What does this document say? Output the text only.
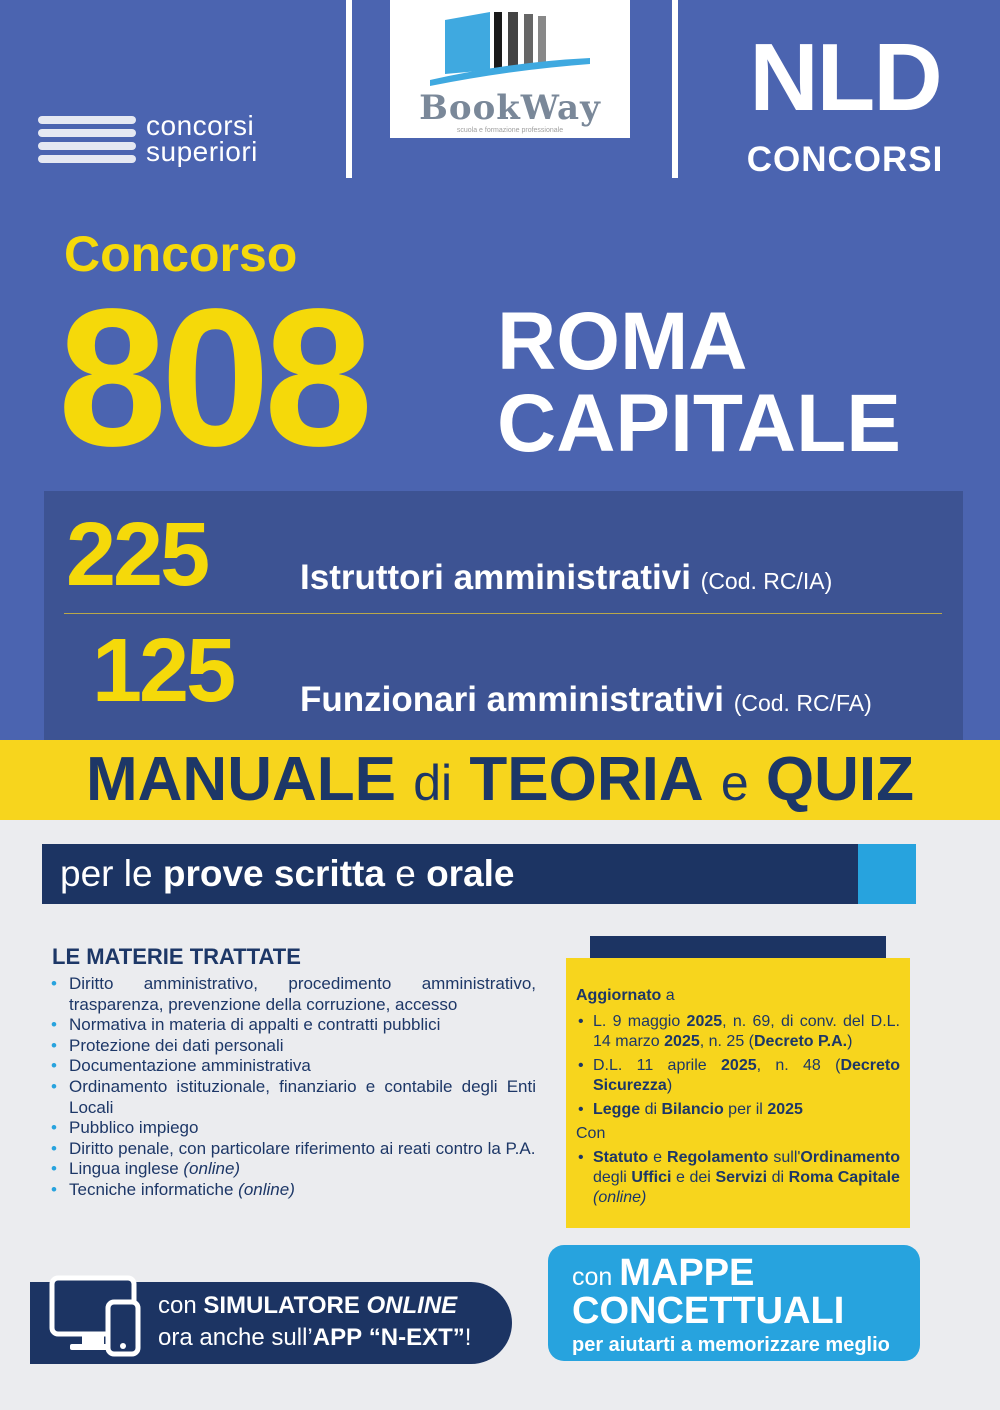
concorsi
superiori
BookWay
scuola e formazione professionale	NLD
CONCORSI
Concorso
808 ROMA
CAPITALE
225	Istruttori amministrativi (Cod. RC/IA)
125 Funzionari amministrativi (Cod. RC/FA)
MANUALE di TEORIA e QUIZ
per le prove scritta e orale
LE MATERIE TRATTATE
• Diritto amministrativo, procedimento amministrativo, trasparenza, prevenzione della corruzione, accesso
• Normativa in materia di appalti e contratti pubblici
• Protezione dei dati personali
• Documentazione amministrativa
• Ordinamento istituzionale, finanziario e contabile degli Enti Locali
• Pubblico impiego
• Diritto penale, con particolare riferimento ai reati contro la P.A.
• Lingua inglese (online)
• Tecniche informatiche (online)

Aggiornato a

• L. 9 maggio 2025, n. 69, di conv. del D.L. 14 marzo 2025, n. 25 (Decreto P.A.)
• D.L. 11 aprile 2025, n. 48 (Decreto Sicurezza)
• Legge di Bilancio per il 2025

Con

• Statuto e Regolamento sull'Ordinamento degli Uffici e dei Servizi di Roma Capitale (online)
con MAPPE
CONCETTUALI
per aiutarti a memorizzare meglio
con SIMULATORE ONLINE
ora anche sull’APP “N-EXT”!
